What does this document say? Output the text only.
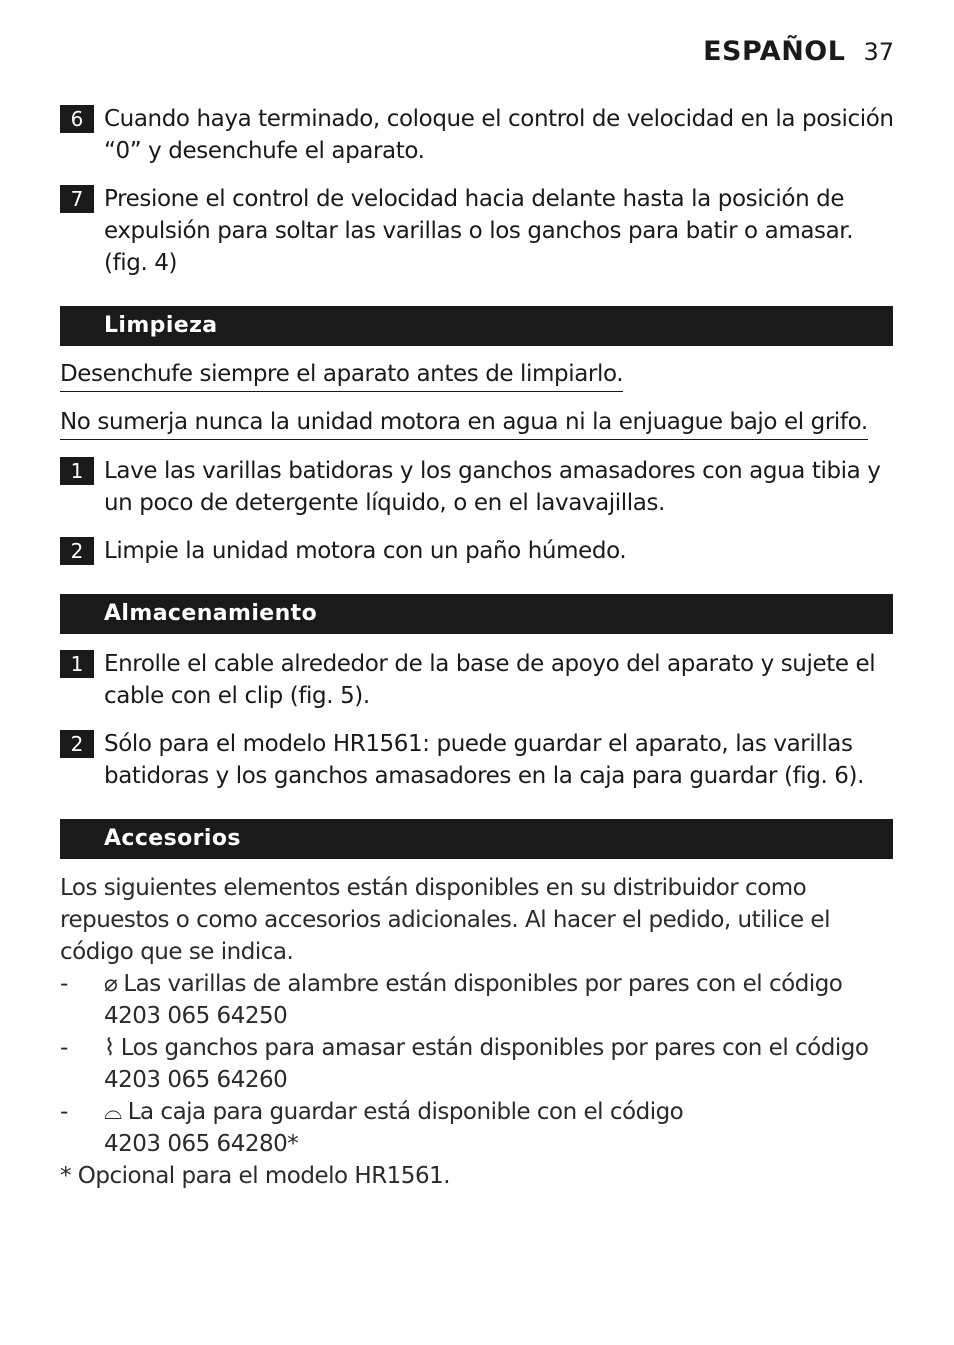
ESPAÑOL 37
6 Cuando haya terminado, coloque el control de velocidad en la posición “0” y desenchufe el aparato.
7 Presione el control de velocidad hacia delante hasta la posición de expulsión para soltar las varillas o los ganchos para batir o amasar. (fig. 4)
Limpieza
Desenchufe siempre el aparato antes de limpiarlo.
No sumerja nunca la unidad motora en agua ni la enjuague bajo el grifo.
1 Lave las varillas batidoras y los ganchos amasadores con agua tibia y un poco de detergente líquido, o en el lavavajillas.
2 Limpie la unidad motora con un paño húmedo.
Almacenamiento
1 Enrolle el cable alrededor de la base de apoyo del aparato y sujete el cable con el clip (fig. 5).
2 Sólo para el modelo HR1561: puede guardar el aparato, las varillas batidoras y los ganchos amasadores en la caja para guardar (fig. 6).
Accesorios
Los siguientes elementos están disponibles en su distribuidor como repuestos o como accesorios adicionales. Al hacer el pedido, utilice el código que se indica.
-	⌀ Las varillas de alambre están disponibles por pares con el código
4203 065 64250
-	⌇ Los ganchos para amasar están disponibles por pares con el código
4203 065 64260
-	⌓ La caja para guardar está disponible con el código
4203 065 64280*
* Opcional para el modelo HR1561.
